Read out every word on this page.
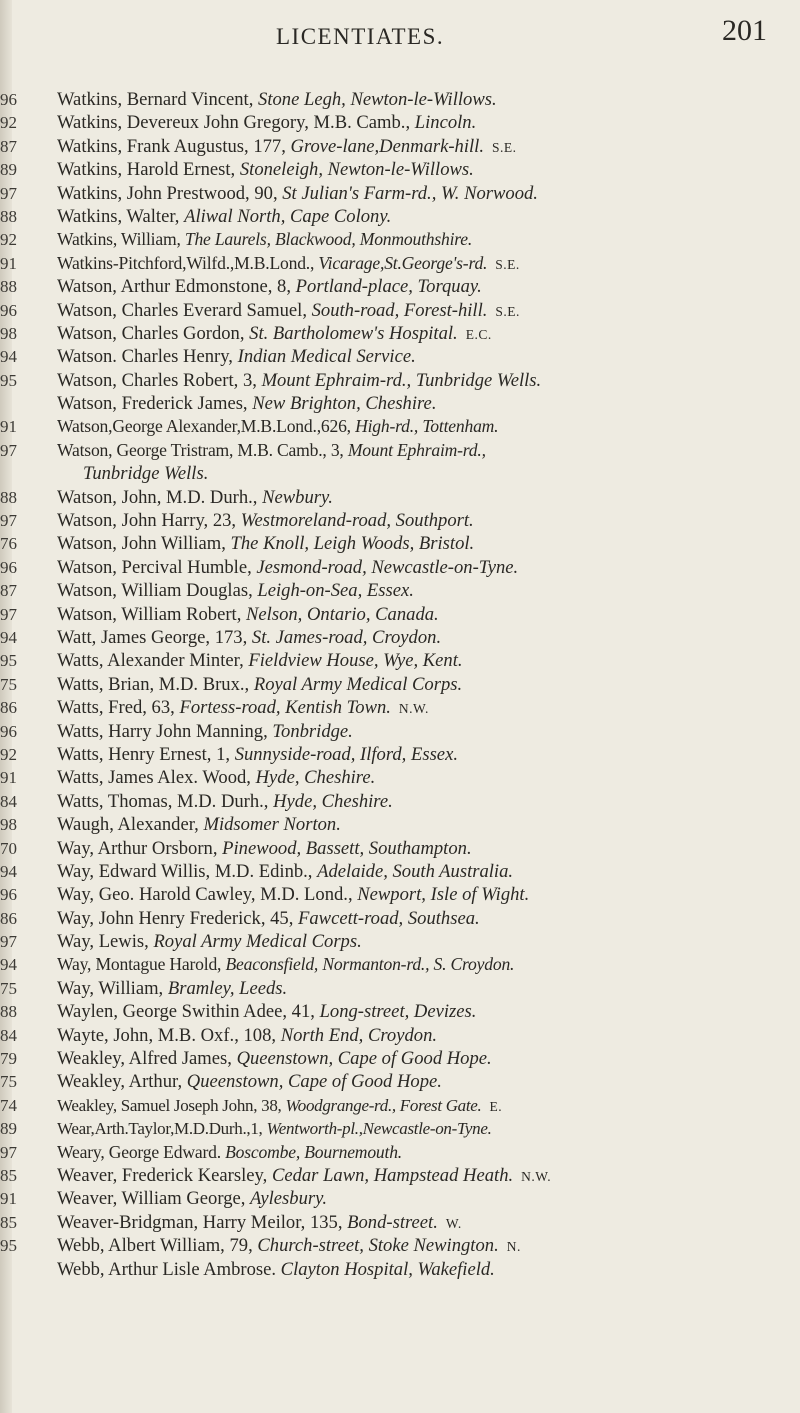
LICENTIATES.	201
96 Watkins, Bernard Vincent, Stone Legh, Newton-le-Willows.
92 Watkins, Devereux John Gregory, M.B. Camb., Lincoln.
87 Watkins, Frank Augustus, 177, Grove-lane,Denmark-hill. S.E.
89 Watkins, Harold Ernest, Stoneleigh, Newton-le-Willows.
97 Watkins, John Prestwood, 90, St Julian's Farm-rd., W. Norwood.
88 Watkins, Walter, Aliwal North, Cape Colony.
92 Watkins, William, The Laurels, Blackwood, Monmouthshire.
91 Watkins-Pitchford,Wilfd.,M.B.Lond., Vicarage,St.George's-rd. S.E.
88 Watson, Arthur Edmonstone, 8, Portland-place, Torquay.
96 Watson, Charles Everard Samuel, South-road, Forest-hill. S.E.
98 Watson, Charles Gordon, St. Bartholomew's Hospital. E.C.
94 Watson. Charles Henry, Indian Medical Service.
95 Watson, Charles Robert, 3, Mount Ephraim-rd., Tunbridge Wells.
Watson, Frederick James, New Brighton, Cheshire.
91 Watson,George Alexander,M.B.Lond.,626, High-rd., Tottenham.
97 Watson, George Tristram, M.B. Camb., 3, Mount Ephraim-rd.,
Tunbridge Wells.
88 Watson, John, M.D. Durh., Newbury.
97 Watson, John Harry, 23, Westmoreland-road, Southport.
76 Watson, John William, The Knoll, Leigh Woods, Bristol.
96 Watson, Percival Humble, Jesmond-road, Newcastle-on-Tyne.
87 Watson, William Douglas, Leigh-on-Sea, Essex.
97 Watson, William Robert, Nelson, Ontario, Canada.
94 Watt, James George, 173, St. James-road, Croydon.
95 Watts, Alexander Minter, Fieldview House, Wye, Kent.
75 Watts, Brian, M.D. Brux., Royal Army Medical Corps.
86 Watts, Fred, 63, Fortess-road, Kentish Town. N.W.
96 Watts, Harry John Manning, Tonbridge.
92 Watts, Henry Ernest, 1, Sunnyside-road, Ilford, Essex.
91 Watts, James Alex. Wood, Hyde, Cheshire.
84 Watts, Thomas, M.D. Durh., Hyde, Cheshire.
98 Waugh, Alexander, Midsomer Norton.
70 Way, Arthur Orsborn, Pinewood, Bassett, Southampton.
94 Way, Edward Willis, M.D. Edinb., Adelaide, South Australia.
96 Way, Geo. Harold Cawley, M.D. Lond., Newport, Isle of Wight.
86 Way, John Henry Frederick, 45, Fawcett-road, Southsea.
97 Way, Lewis, Royal Army Medical Corps.
94 Way, Montague Harold, Beaconsfield, Normanton-rd., S. Croydon.
75 Way, William, Bramley, Leeds.
88 Waylen, George Swithin Adee, 41, Long-street, Devizes.
84 Wayte, John, M.B. Oxf., 108, North End, Croydon.
79 Weakley, Alfred James, Queenstown, Cape of Good Hope.
75 Weakley, Arthur, Queenstown, Cape of Good Hope.
74 Weakley, Samuel Joseph John, 38, Woodgrange-rd., Forest Gate. E.
89 Wear,Arth.Taylor,M.D.Durh.,1, Wentworth-pl.,Newcastle-on-Tyne.
97 Weary, George Edward. Boscombe, Bournemouth.
85 Weaver, Frederick Kearsley, Cedar Lawn, Hampstead Heath. N.W.
91 Weaver, William George, Aylesbury.
85 Weaver-Bridgman, Harry Meilor, 135, Bond-street. W.
95 Webb, Albert William, 79, Church-street, Stoke Newington. N.
Webb, Arthur Lisle Ambrose. Clayton Hospital, Wakefield.
